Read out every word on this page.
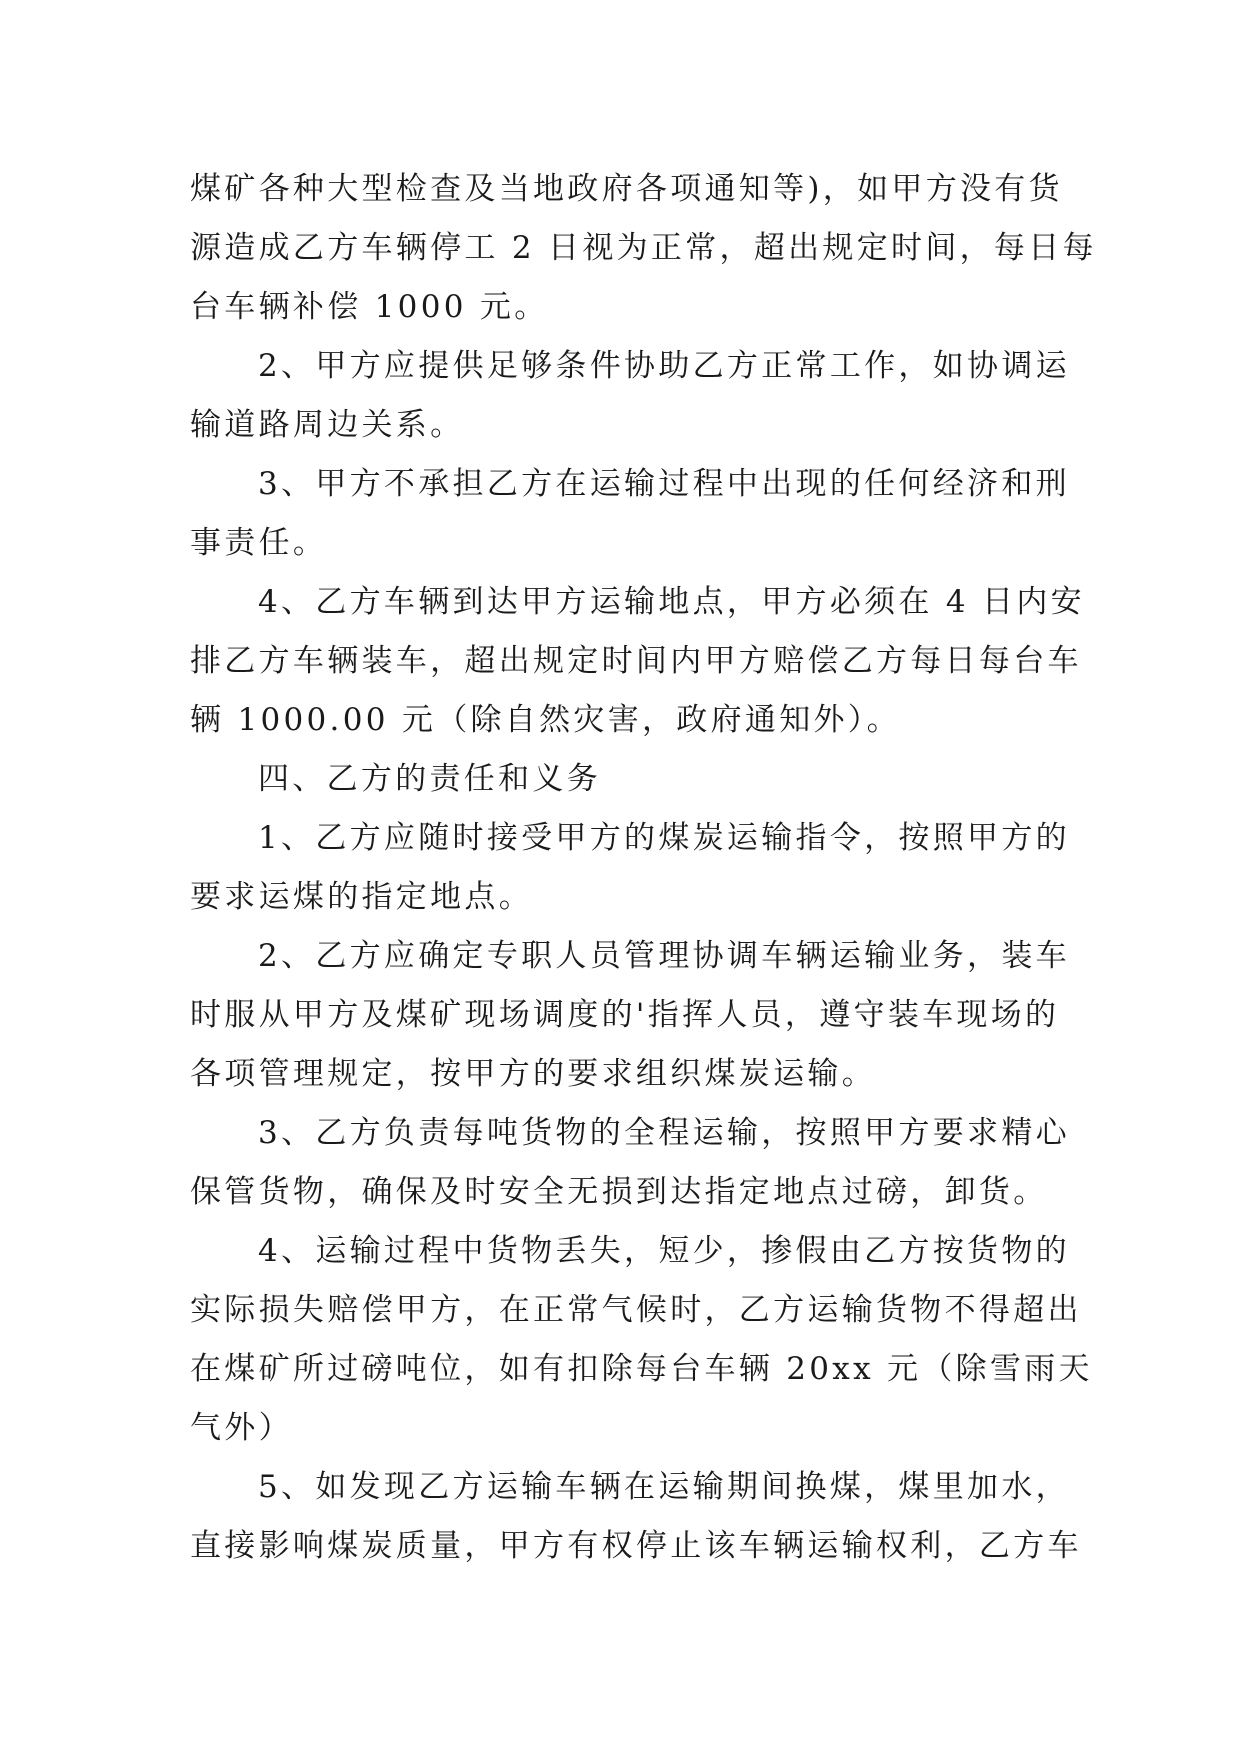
煤矿各种大型检查及当地政府各项通知等)，如甲方没有货
源造成乙方车辆停工 2 日视为正常，超出规定时间，每日每
台车辆补偿 1000 元。
2、甲方应提供足够条件协助乙方正常工作，如协调运
输道路周边关系。
3、甲方不承担乙方在运输过程中出现的任何经济和刑
事责任。
4、乙方车辆到达甲方运输地点，甲方必须在 4 日内安
排乙方车辆装车，超出规定时间内甲方赔偿乙方每日每台车
辆 1000.00 元（除自然灾害，政府通知外）。
四、乙方的责任和义务
1、乙方应随时接受甲方的煤炭运输指令，按照甲方的
要求运煤的指定地点。
2、乙方应确定专职人员管理协调车辆运输业务，装车
时服从甲方及煤矿现场调度的'指挥人员，遵守装车现场的
各项管理规定，按甲方的要求组织煤炭运输。
3、乙方负责每吨货物的全程运输，按照甲方要求精心
保管货物，确保及时安全无损到达指定地点过磅，卸货。
4、运输过程中货物丢失，短少，掺假由乙方按货物的
实际损失赔偿甲方，在正常气候时，乙方运输货物不得超出
在煤矿所过磅吨位，如有扣除每台车辆 20xx 元（除雪雨天
气外）
5、如发现乙方运输车辆在运输期间换煤，煤里加水，
直接影响煤炭质量，甲方有权停止该车辆运输权利，乙方车
